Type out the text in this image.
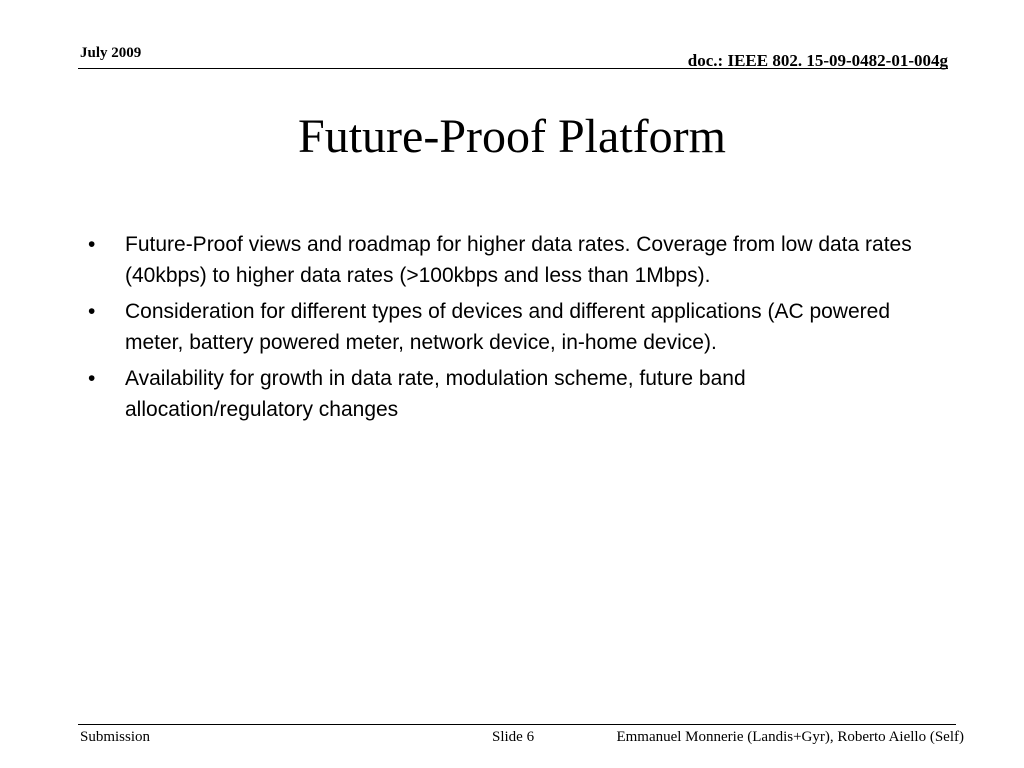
July 2009	doc.: IEEE 802. 15-09-0482-01-004g
Future-Proof Platform
• Future-Proof views and roadmap for higher data rates. Coverage from low data rates (40kbps) to higher data rates (>100kbps and less than 1Mbps).
• Consideration for different types of devices and different applications (AC powered meter, battery powered meter, network device, in-home device).
• Availability for growth in data rate, modulation scheme, future band allocation/regulatory changes
Submission	Slide 6	Emmanuel Monnerie (Landis+Gyr), Roberto Aiello (Self)
